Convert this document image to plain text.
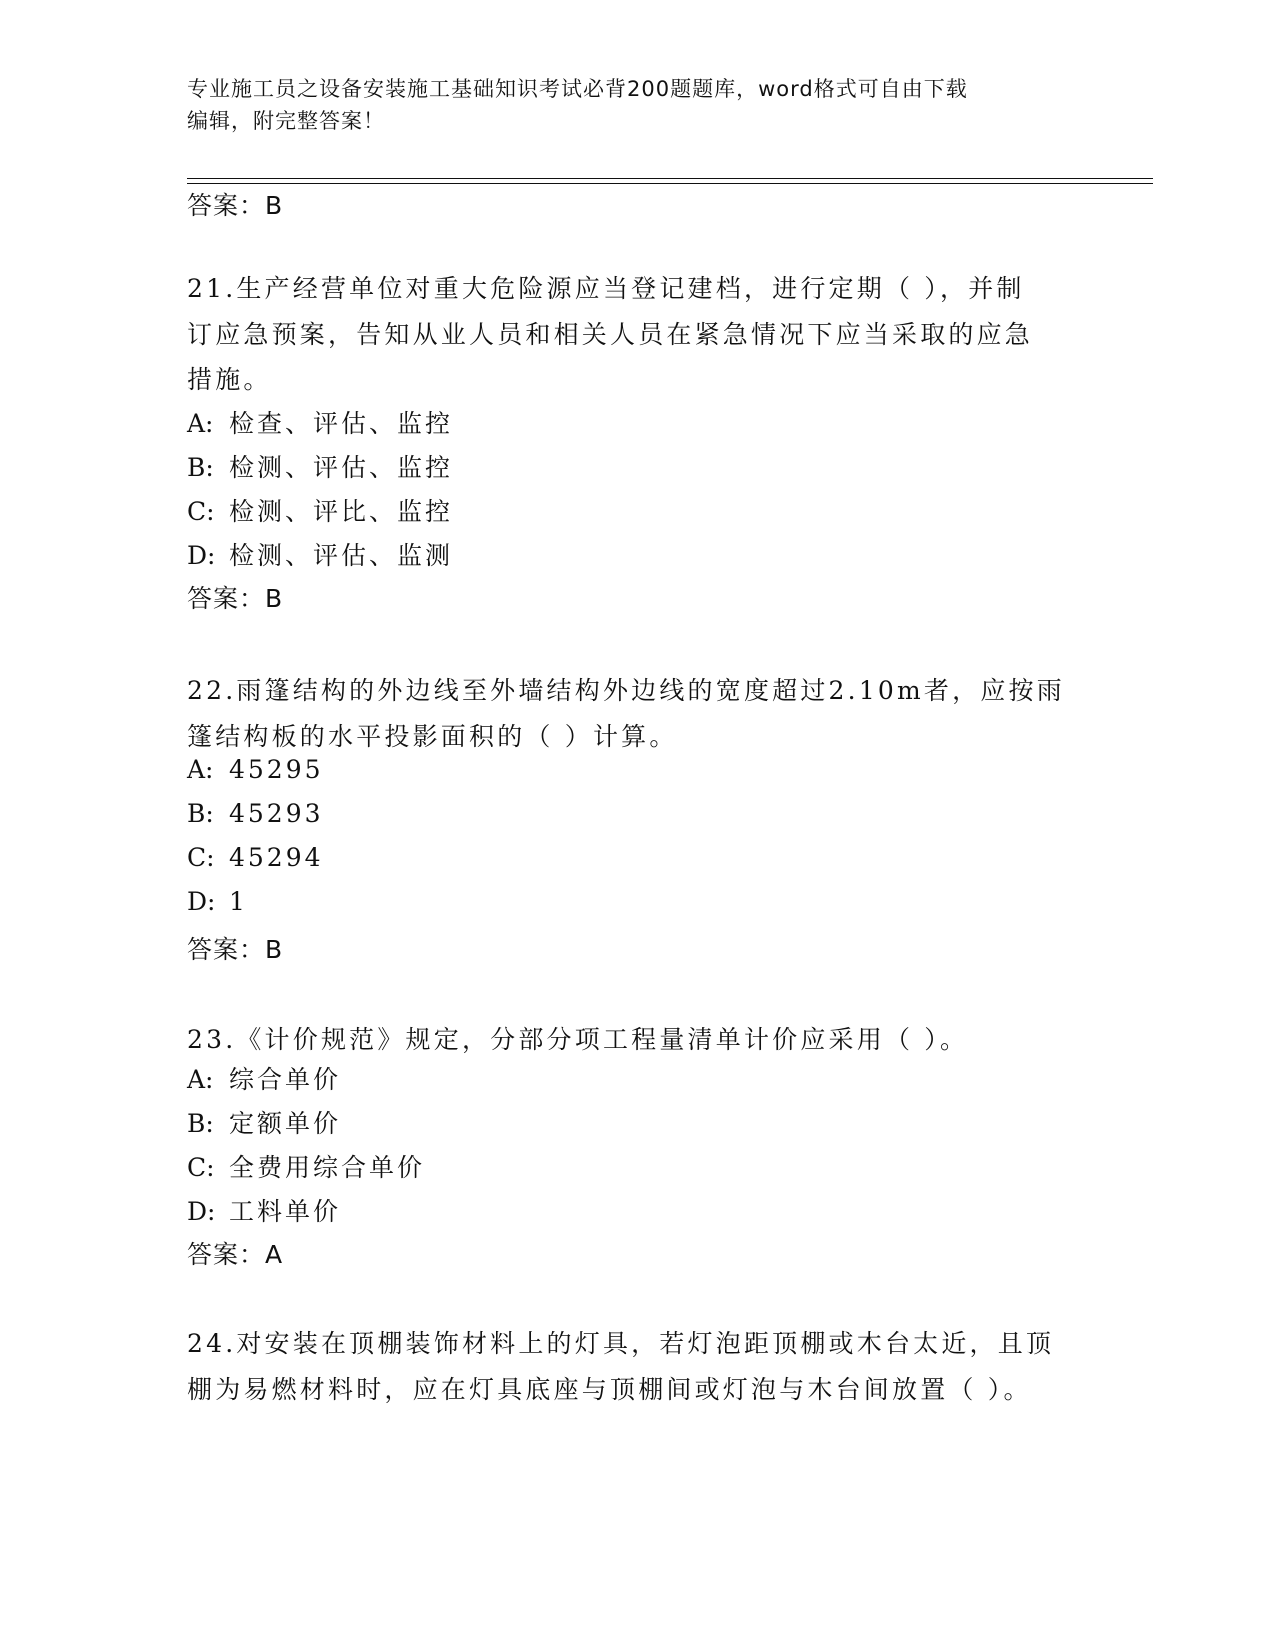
专业施工员之设备安装施工基础知识考试必背200题题库，word格式可自由下载
编辑，附完整答案！
答案：B
21.生产经营单位对重大危险源应当登记建档，进行定期（ ），并制
订应急预案，告知从业人员和相关人员在紧急情况下应当采取的应急
措施。
A: 检查、评估、监控
B: 检测、评估、监控
C: 检测、评比、监控
D: 检测、评估、监测
答案：B
22.雨篷结构的外边线至外墙结构外边线的宽度超过2.10m者，应按雨
篷结构板的水平投影面积的（ ）计算。
A: 45295
B: 45293
C: 45294
D: 1
答案：B
23.《计价规范》规定，分部分项工程量清单计价应采用（ ）。
A: 综合单价
B: 定额单价
C: 全费用综合单价
D: 工料单价
答案：A
24.对安装在顶棚装饰材料上的灯具，若灯泡距顶棚或木台太近，且顶
棚为易燃材料时，应在灯具底座与顶棚间或灯泡与木台间放置（ ）。
